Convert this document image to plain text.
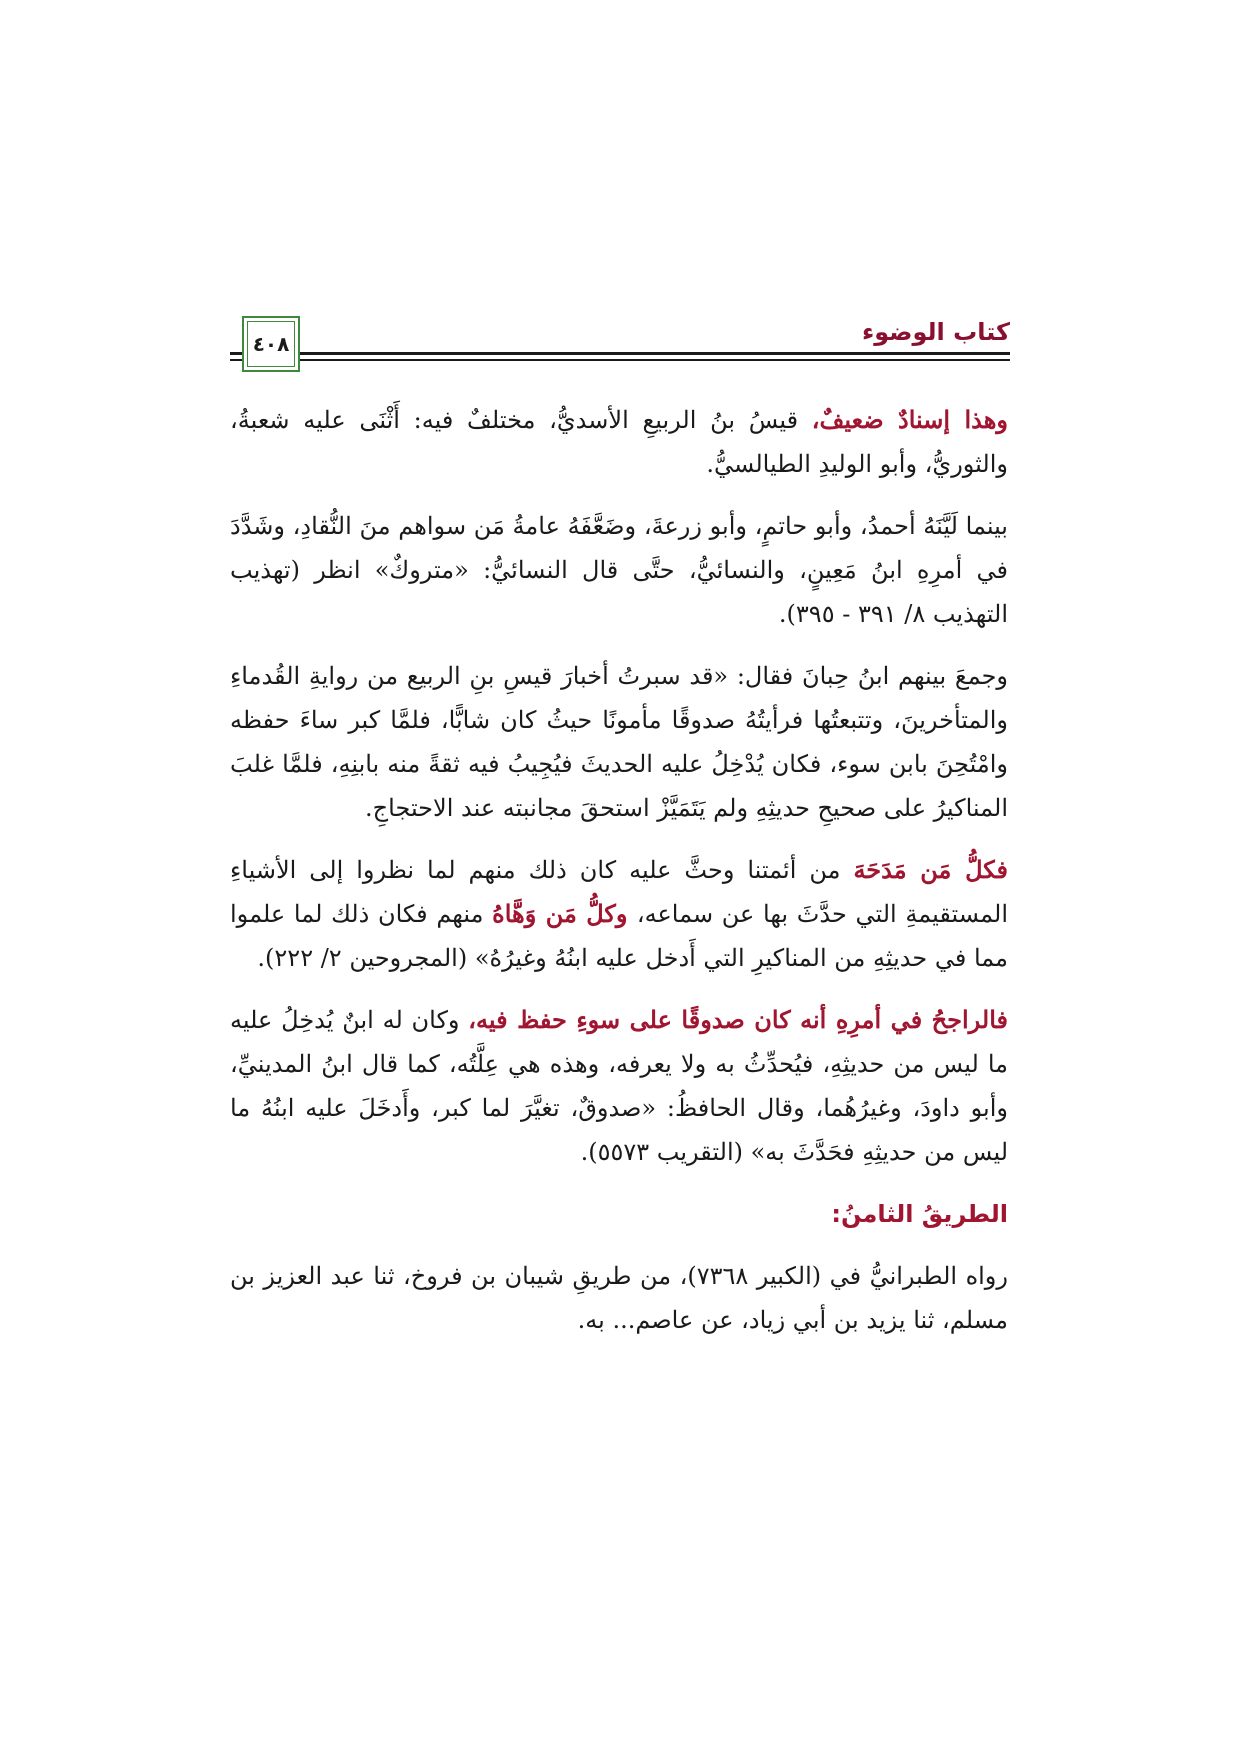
كتاب الوضوء
٤٠٨

وهذا إسنادٌ ضعيفٌ، قيسُ بنُ الربيعِ الأسديُّ، مختلفٌ فيه: أَثْنَى عليه شعبةُ، والثوريُّ، وأبو الوليدِ الطيالسيُّ.

بينما لَيَّنَهُ أحمدُ، وأبو حاتمٍ، وأبو زرعةَ، وضَعَّفَهُ عامةُ مَن سواهم منَ النُّقادِ، وشَدَّدَ في أمرِهِ ابنُ مَعِينٍ، والنسائيُّ، حتَّى قال النسائيُّ: «متروكٌ» انظر (تهذيب التهذيب ٨/ ٣٩١ - ٣٩٥).

وجمعَ بينهم ابنُ حِبانَ فقال: «قد سبرتُ أخبارَ قيسِ بنِ الربيع من روايةِ القُدماءِ والمتأخرينَ، وتتبعتُها فرأيتُهُ صدوقًا مأمونًا حيثُ كان شابًّا، فلمَّا كبر ساءَ حفظه وامْتُحِنَ بابن سوء، فكان يُدْخِلُ عليه الحديثَ فيُجِيبُ فيه ثقةً منه بابنِهِ، فلمَّا غلبَ المناكيرُ على صحيحِ حديثِهِ ولم يَتَمَيَّزْ استحقَ مجانبته عند الاحتجاجِ.

فكلُّ مَن مَدَحَهَ من أئمتنا وحثَّ عليه كان ذلك منهم لما نظروا إلى الأشياءِ المستقيمةِ التي حدَّثَ بها عن سماعه، وكلُّ مَن وَهَّاهُ منهم فكان ذلك لما علموا مما في حديثِهِ من المناكيرِ التي أَدخل عليه ابنُهُ وغيرُهُ» (المجروحين ٢/ ٢٢٢).

فالراجحُ في أمرِهِ أنه كان صدوقًا على سوءِ حفظ فيه، وكان له ابنٌ يُدخِلُ عليه ما ليس من حديثِهِ، فيُحدِّثُ به ولا يعرفه، وهذه هي عِلَّتُه، كما قال ابنُ المدينيِّ، وأبو داودَ، وغيرُهُما، وقال الحافظُ: «صدوقٌ، تغيَّرَ لما كبر، وأَدخَلَ عليه ابنُهُ ما ليس من حديثِهِ فحَدَّثَ به» (التقريب ٥٥٧٣).

الطريقُ الثامنُ:

رواه الطبرانيُّ في (الكبير ٧٣٦٨)، من طريقِ شيبان بن فروخ، ثنا عبد العزيز بن مسلم، ثنا يزيد بن أبي زياد، عن عاصم... به.
